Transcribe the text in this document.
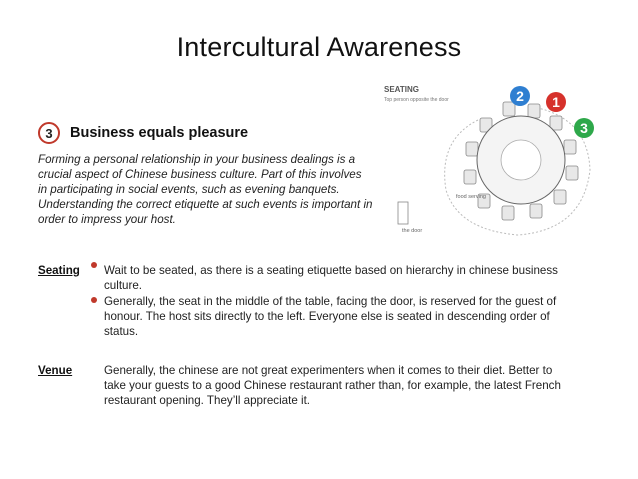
Intercultural Awareness
3	Business equals pleasure
Forming a personal relationship in your business dealings is a crucial aspect of Chinese business culture. Part of this involves in participating in social events, such as evening banquets. Understanding the correct etiquette at such events is important in order to impress your host.
SEATING
Top person opposite the door	2 1
3
food serving
the door
Seating Wait to be seated, as there is a seating etiquette based on hierarchy in chinese business culture.
Generally, the seat in the middle of the table, facing the door, is reserved for the guest of honour. The host sits directly to the left. Everyone else is seated in descending order of status.
Venue	Generally, the chinese are not great experimenters when it comes to their diet. Better to take your guests to a good Chinese restaurant rather than, for example, the latest French restaurant opening. They’ll appreciate it.
